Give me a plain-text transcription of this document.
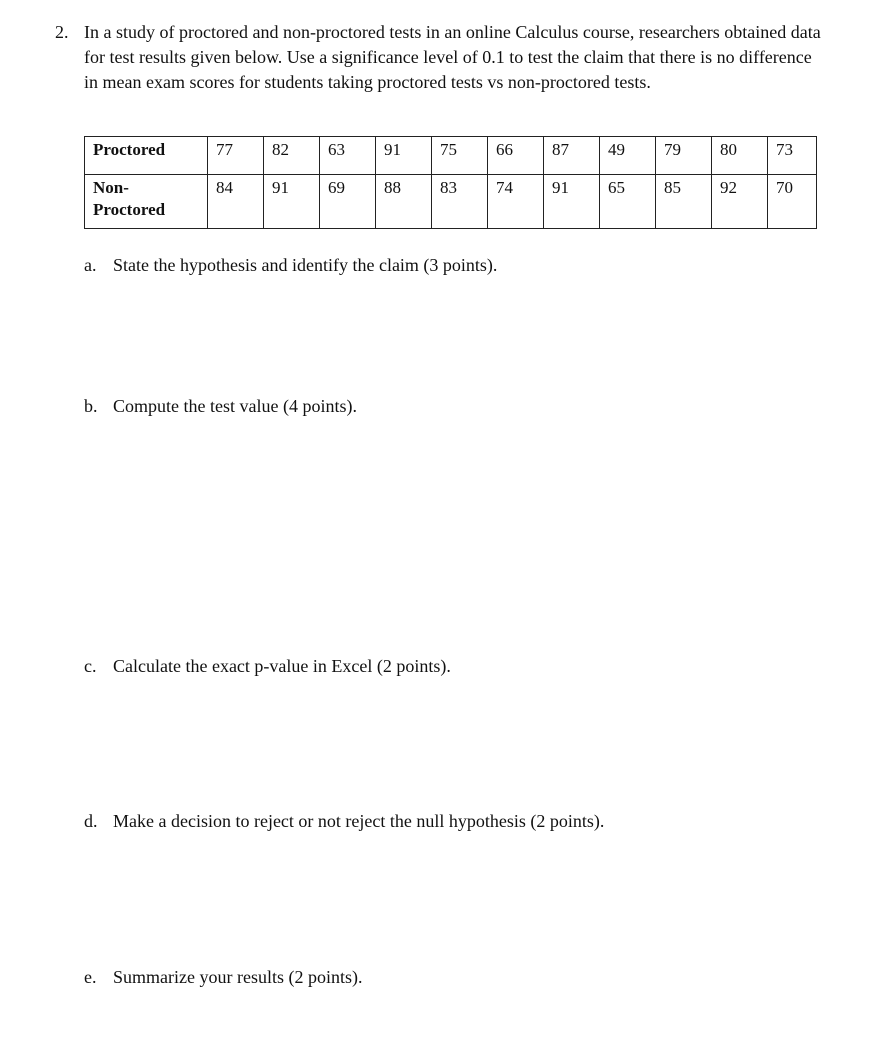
2. In a study of proctored and non-proctored tests in an online Calculus course, researchers obtained data for test results given below. Use a significance level of 0.1 to test the claim that there is no difference in mean exam scores for students taking proctored tests vs non-proctored tests.
Proctored	77	82	63	91	75	66	87	49	79	80	73
Non-
Proctored	84	91	69	88	83	74	91	65	85	92	70
a. State the hypothesis and identify the claim (3 points).
b. Compute the test value (4 points).
c. Calculate the exact p-value in Excel (2 points).
d. Make a decision to reject or not reject the null hypothesis (2 points).
e. Summarize your results (2 points).
